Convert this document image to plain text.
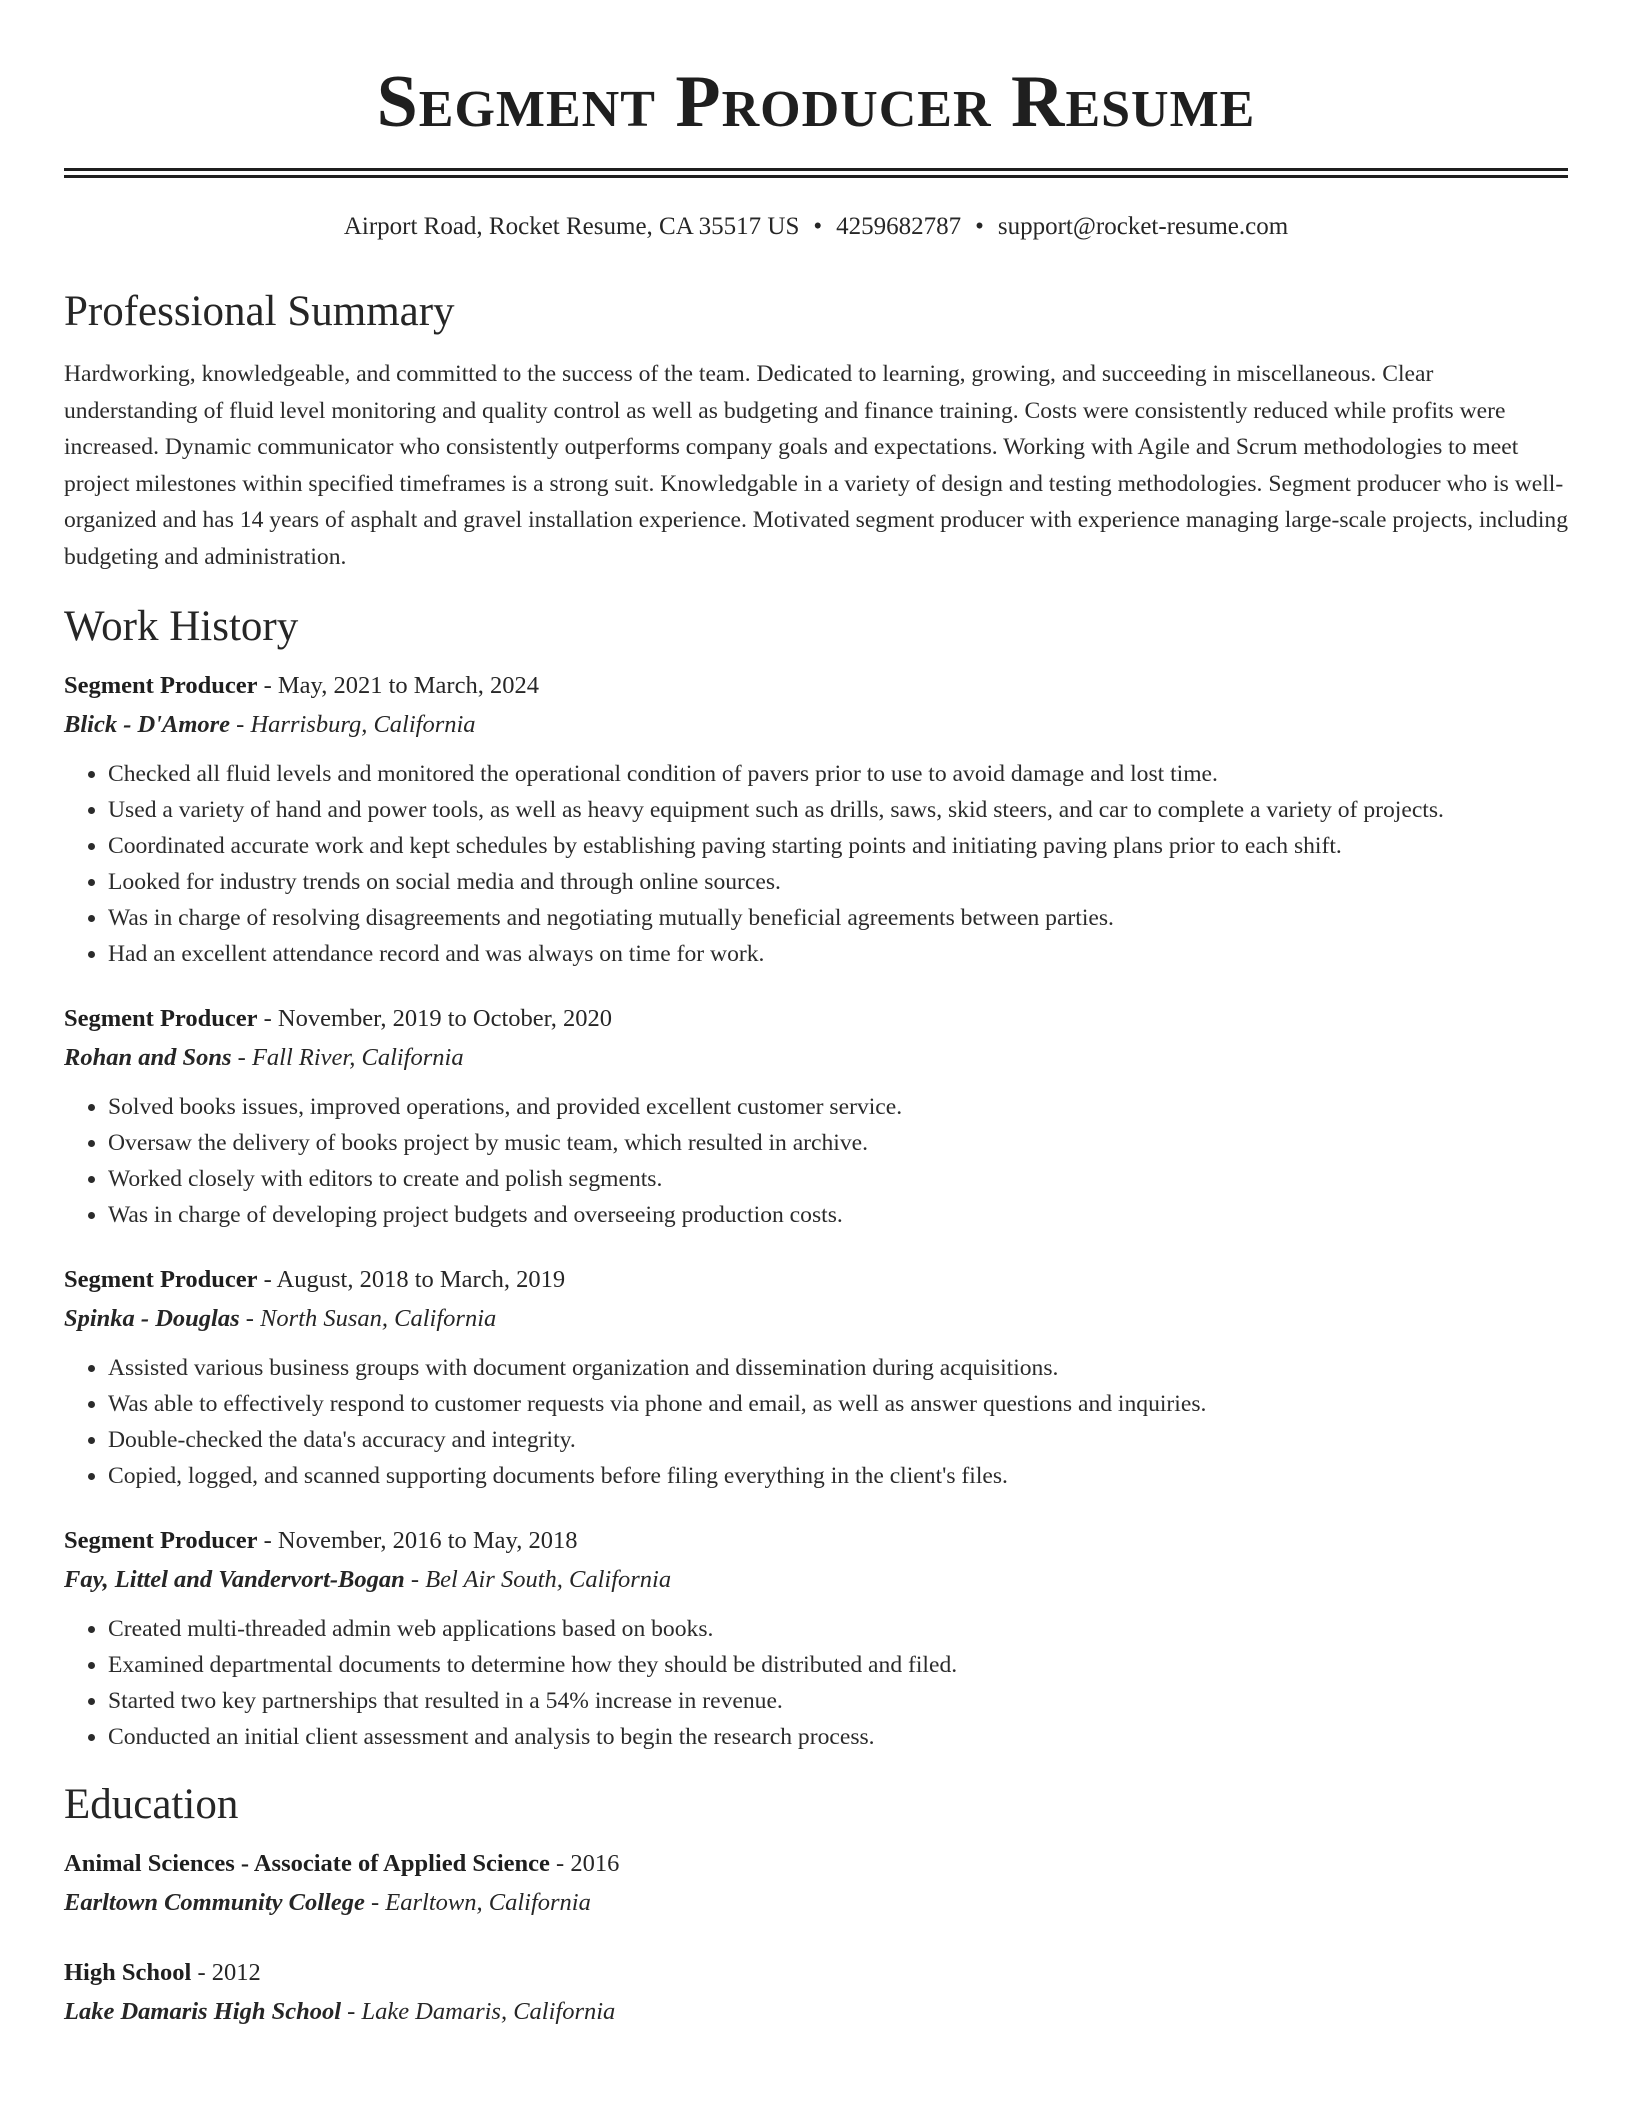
Segment Producer Resume
Airport Road, Rocket Resume, CA 35517 US • 4259682787 • support@rocket-resume.com
Professional Summary

Hardworking, knowledgeable, and committed to the success of the team. Dedicated to learning, growing, and succeeding in miscellaneous. Clear understanding of fluid level monitoring and quality control as well as budgeting and finance training. Costs were consistently reduced while profits were increased. Dynamic communicator who consistently outperforms company goals and expectations. Working with Agile and Scrum methodologies to meet project milestones within specified timeframes is a strong suit. Knowledgable in a variety of design and testing methodologies. Segment producer who is well-organized and has 14 years of asphalt and gravel installation experience. Motivated segment producer with experience managing large-scale projects, including budgeting and administration.

Work History
Segment Producer - May, 2021 to March, 2024
Blick - D'Amore - Harrisburg, California
• Checked all fluid levels and monitored the operational condition of pavers prior to use to avoid damage and lost time.
• Used a variety of hand and power tools, as well as heavy equipment such as drills, saws, skid steers, and car to complete a variety of projects.
• Coordinated accurate work and kept schedules by establishing paving starting points and initiating paving plans prior to each shift.
• Looked for industry trends on social media and through online sources.
• Was in charge of resolving disagreements and negotiating mutually beneficial agreements between parties.
• Had an excellent attendance record and was always on time for work.
Segment Producer - November, 2019 to October, 2020
Rohan and Sons - Fall River, California
• Solved books issues, improved operations, and provided excellent customer service.
• Oversaw the delivery of books project by music team, which resulted in archive.
• Worked closely with editors to create and polish segments.
• Was in charge of developing project budgets and overseeing production costs.
Segment Producer - August, 2018 to March, 2019
Spinka - Douglas - North Susan, California
• Assisted various business groups with document organization and dissemination during acquisitions.
• Was able to effectively respond to customer requests via phone and email, as well as answer questions and inquiries.
• Double-checked the data's accuracy and integrity.
• Copied, logged, and scanned supporting documents before filing everything in the client's files.
Segment Producer - November, 2016 to May, 2018
Fay, Littel and Vandervort-Bogan - Bel Air South, California
• Created multi-threaded admin web applications based on books.
• Examined departmental documents to determine how they should be distributed and filed.
• Started two key partnerships that resulted in a 54% increase in revenue.
• Conducted an initial client assessment and analysis to begin the research process.
Education
Animal Sciences - Associate of Applied Science - 2016
Earltown Community College - Earltown, California
High School - 2012
Lake Damaris High School - Lake Damaris, California
